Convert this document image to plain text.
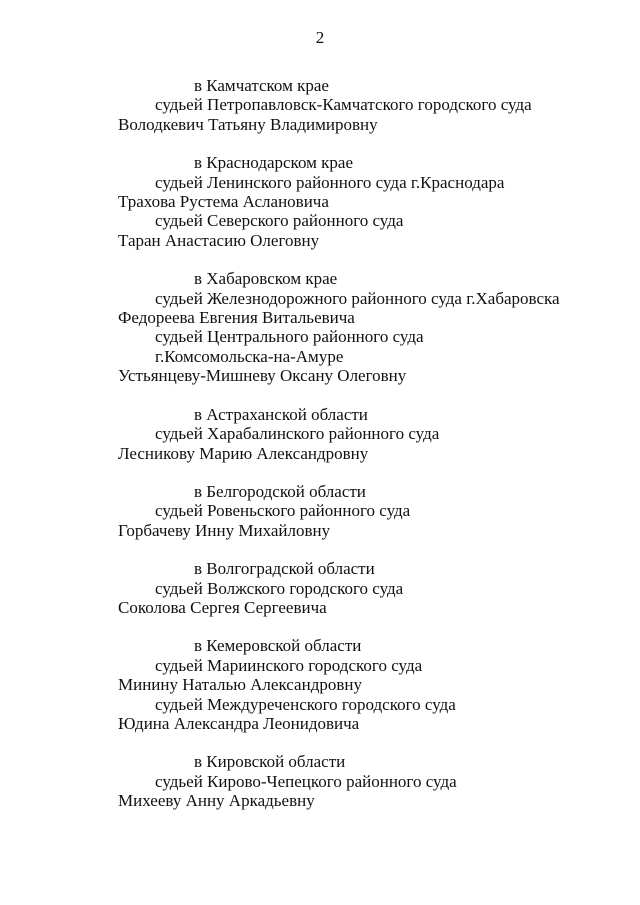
2
в Камчатском крае
судьей Петропавловск-Камчатского городского суда
Володкевич Татьяну Владимировну
в Краснодарском крае
судьей Ленинского районного суда г.Краснодара
Трахова Рустема Аслановича
судьей Северского районного суда
Таран Анастасию Олеговну
в Хабаровском крае
судьей Железнодорожного районного суда г.Хабаровска
Федореева Евгения Витальевича
судьей Центрального районного суда
г.Комсомольска-на-Амуре
Устьянцеву-Мишневу Оксану Олеговну
в Астраханской области
судьей Харабалинского районного суда
Лесникову Марию Александровну
в Белгородской области
судьей Ровеньского районного суда
Горбачеву Инну Михайловну
в Волгоградской области
судьей Волжского городского суда
Соколова Сергея Сергеевича
в Кемеровской области
судьей Мариинского городского суда
Минину Наталью Александровну
судьей Междуреченского городского суда
Юдина Александра Леонидовича
в Кировской области
судьей Кирово-Чепецкого районного суда
Михееву Анну Аркадьевну
